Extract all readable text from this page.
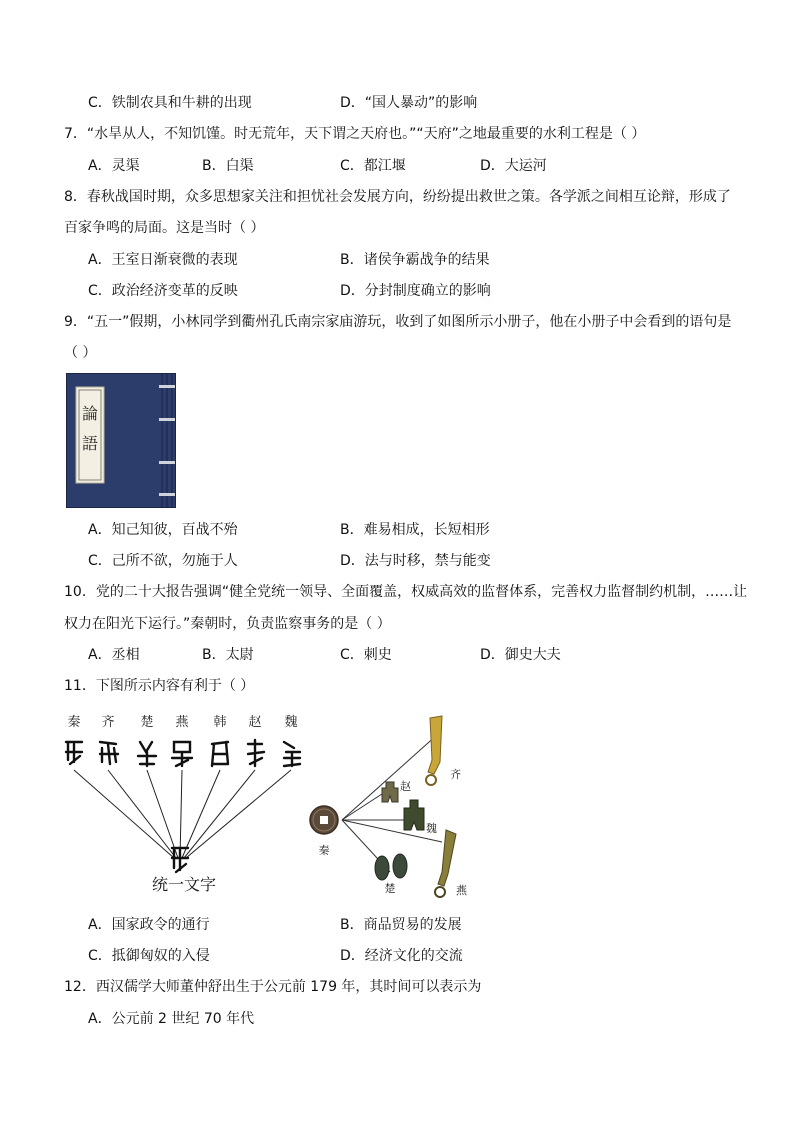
C．铁制农具和牛耕的出现	D．“国人暴动”的影响
7．“水旱从人，不知饥馑。时无荒年，天下谓之天府也。”“天府”之地最重要的水利工程是（ ）
A．灵渠	B．白渠	C．都江堰	D．大运河
8．春秋战国时期，众多思想家关注和担忧社会发展方向，纷纷提出救世之策。各学派之间相互论辩，形成了
百家争鸣的局面。这是当时（ ）
A．王室日渐衰微的表现	B．诸侯争霸战争的结果
C．政治经济变革的反映	D．分封制度确立的影响
9．“五一”假期，小林同学到衢州孔氏南宗家庙游玩，收到了如图所示小册子，他在小册子中会看到的语句是
（ ）
論
語
A．知己知彼，百战不殆	B．难易相成，长短相形
C．己所不欲，勿施于人	D．法与时移，禁与能变
10．党的二十大报告强调“健全党统一领导、全面覆盖，权威高效的监督体系，完善权力监督制约机制，……让
权力在阳光下运行。”秦朝时，负责监察事务的是（ ）
A．丞相	B．太尉	C．刺史	D．御史大夫
11．下图所示内容有利于（ ）
秦 齐 楚 燕 韩 赵 魏
统一文字
秦
齐
赵
魏
楚	燕
A．国家政令的通行	B．商品贸易的发展
C．抵御匈奴的入侵	D．经济文化的交流
12．西汉儒学大师董仲舒出生于公元前 179 年，其时间可以表示为
A．公元前 2 世纪 70 年代
